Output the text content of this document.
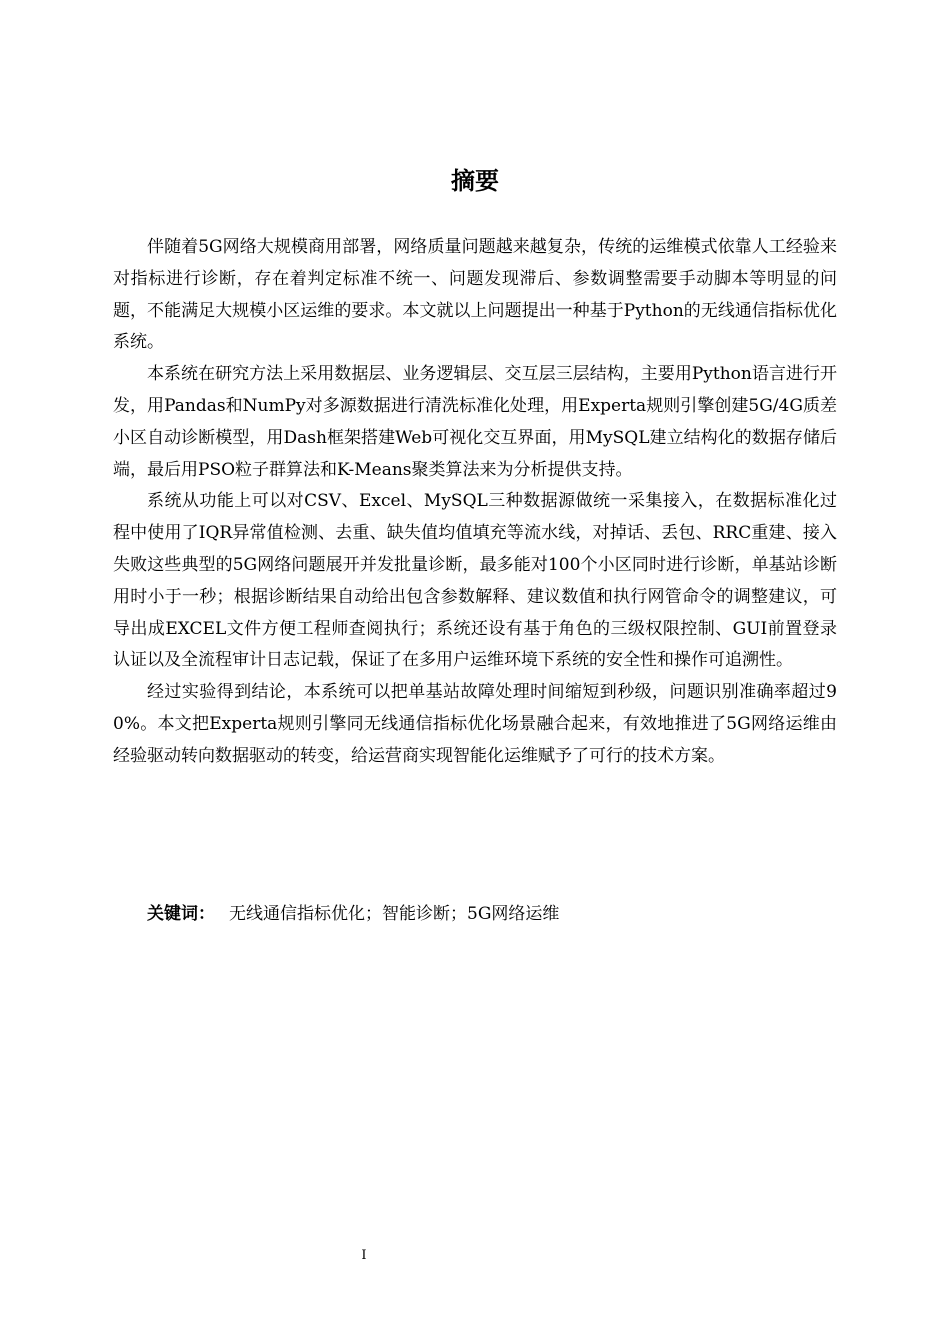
摘要

伴随着5G网络大规模商用部署，网络质量问题越来越复杂，传统的运维模式依靠人工经验来对指标进行诊断，存在着判定标准不统一、问题发现滞后、参数调整需要手动脚本等明显的问题，不能满足大规模小区运维的要求。本文就以上问题提出一种基于Python的无线通信指标优化系统。

本系统在研究方法上采用数据层、业务逻辑层、交互层三层结构，主要用Python语言进行开发，用Pandas和NumPy对多源数据进行清洗标准化处理，用Experta规则引擎创建5G/4G质差小区自动诊断模型，用Dash框架搭建Web可视化交互界面，用MySQL建立结构化的数据存储后端，最后用PSO粒子群算法和K-Means聚类算法来为分析提供支持。

系统从功能上可以对CSV、Excel、MySQL三种数据源做统一采集接入，在数据标准化过程中使用了IQR异常值检测、去重、缺失值均值填充等流水线，对掉话、丢包、RRC重建、接入失败这些典型的5G网络问题展开并发批量诊断，最多能对100个小区同时进行诊断，单基站诊断用时小于一秒；根据诊断结果自动给出包含参数解释、建议数值和执行网管命令的调整建议，可导出成EXCEL文件方便工程师查阅执行；系统还设有基于角色的三级权限控制、GUI前置登录认证以及全流程审计日志记载，保证了在多用户运维环境下系统的安全性和操作可追溯性。

经过实验得到结论，本系统可以把单基站故障处理时间缩短到秒级，问题识别准确率超过90%。本文把Experta规则引擎同无线通信指标优化场景融合起来，有效地推进了5G网络运维由经验驱动转向数据驱动的转变，给运营商实现智能化运维赋予了可行的技术方案。

关键词： 无线通信指标优化；智能诊断；5G网络运维
I
